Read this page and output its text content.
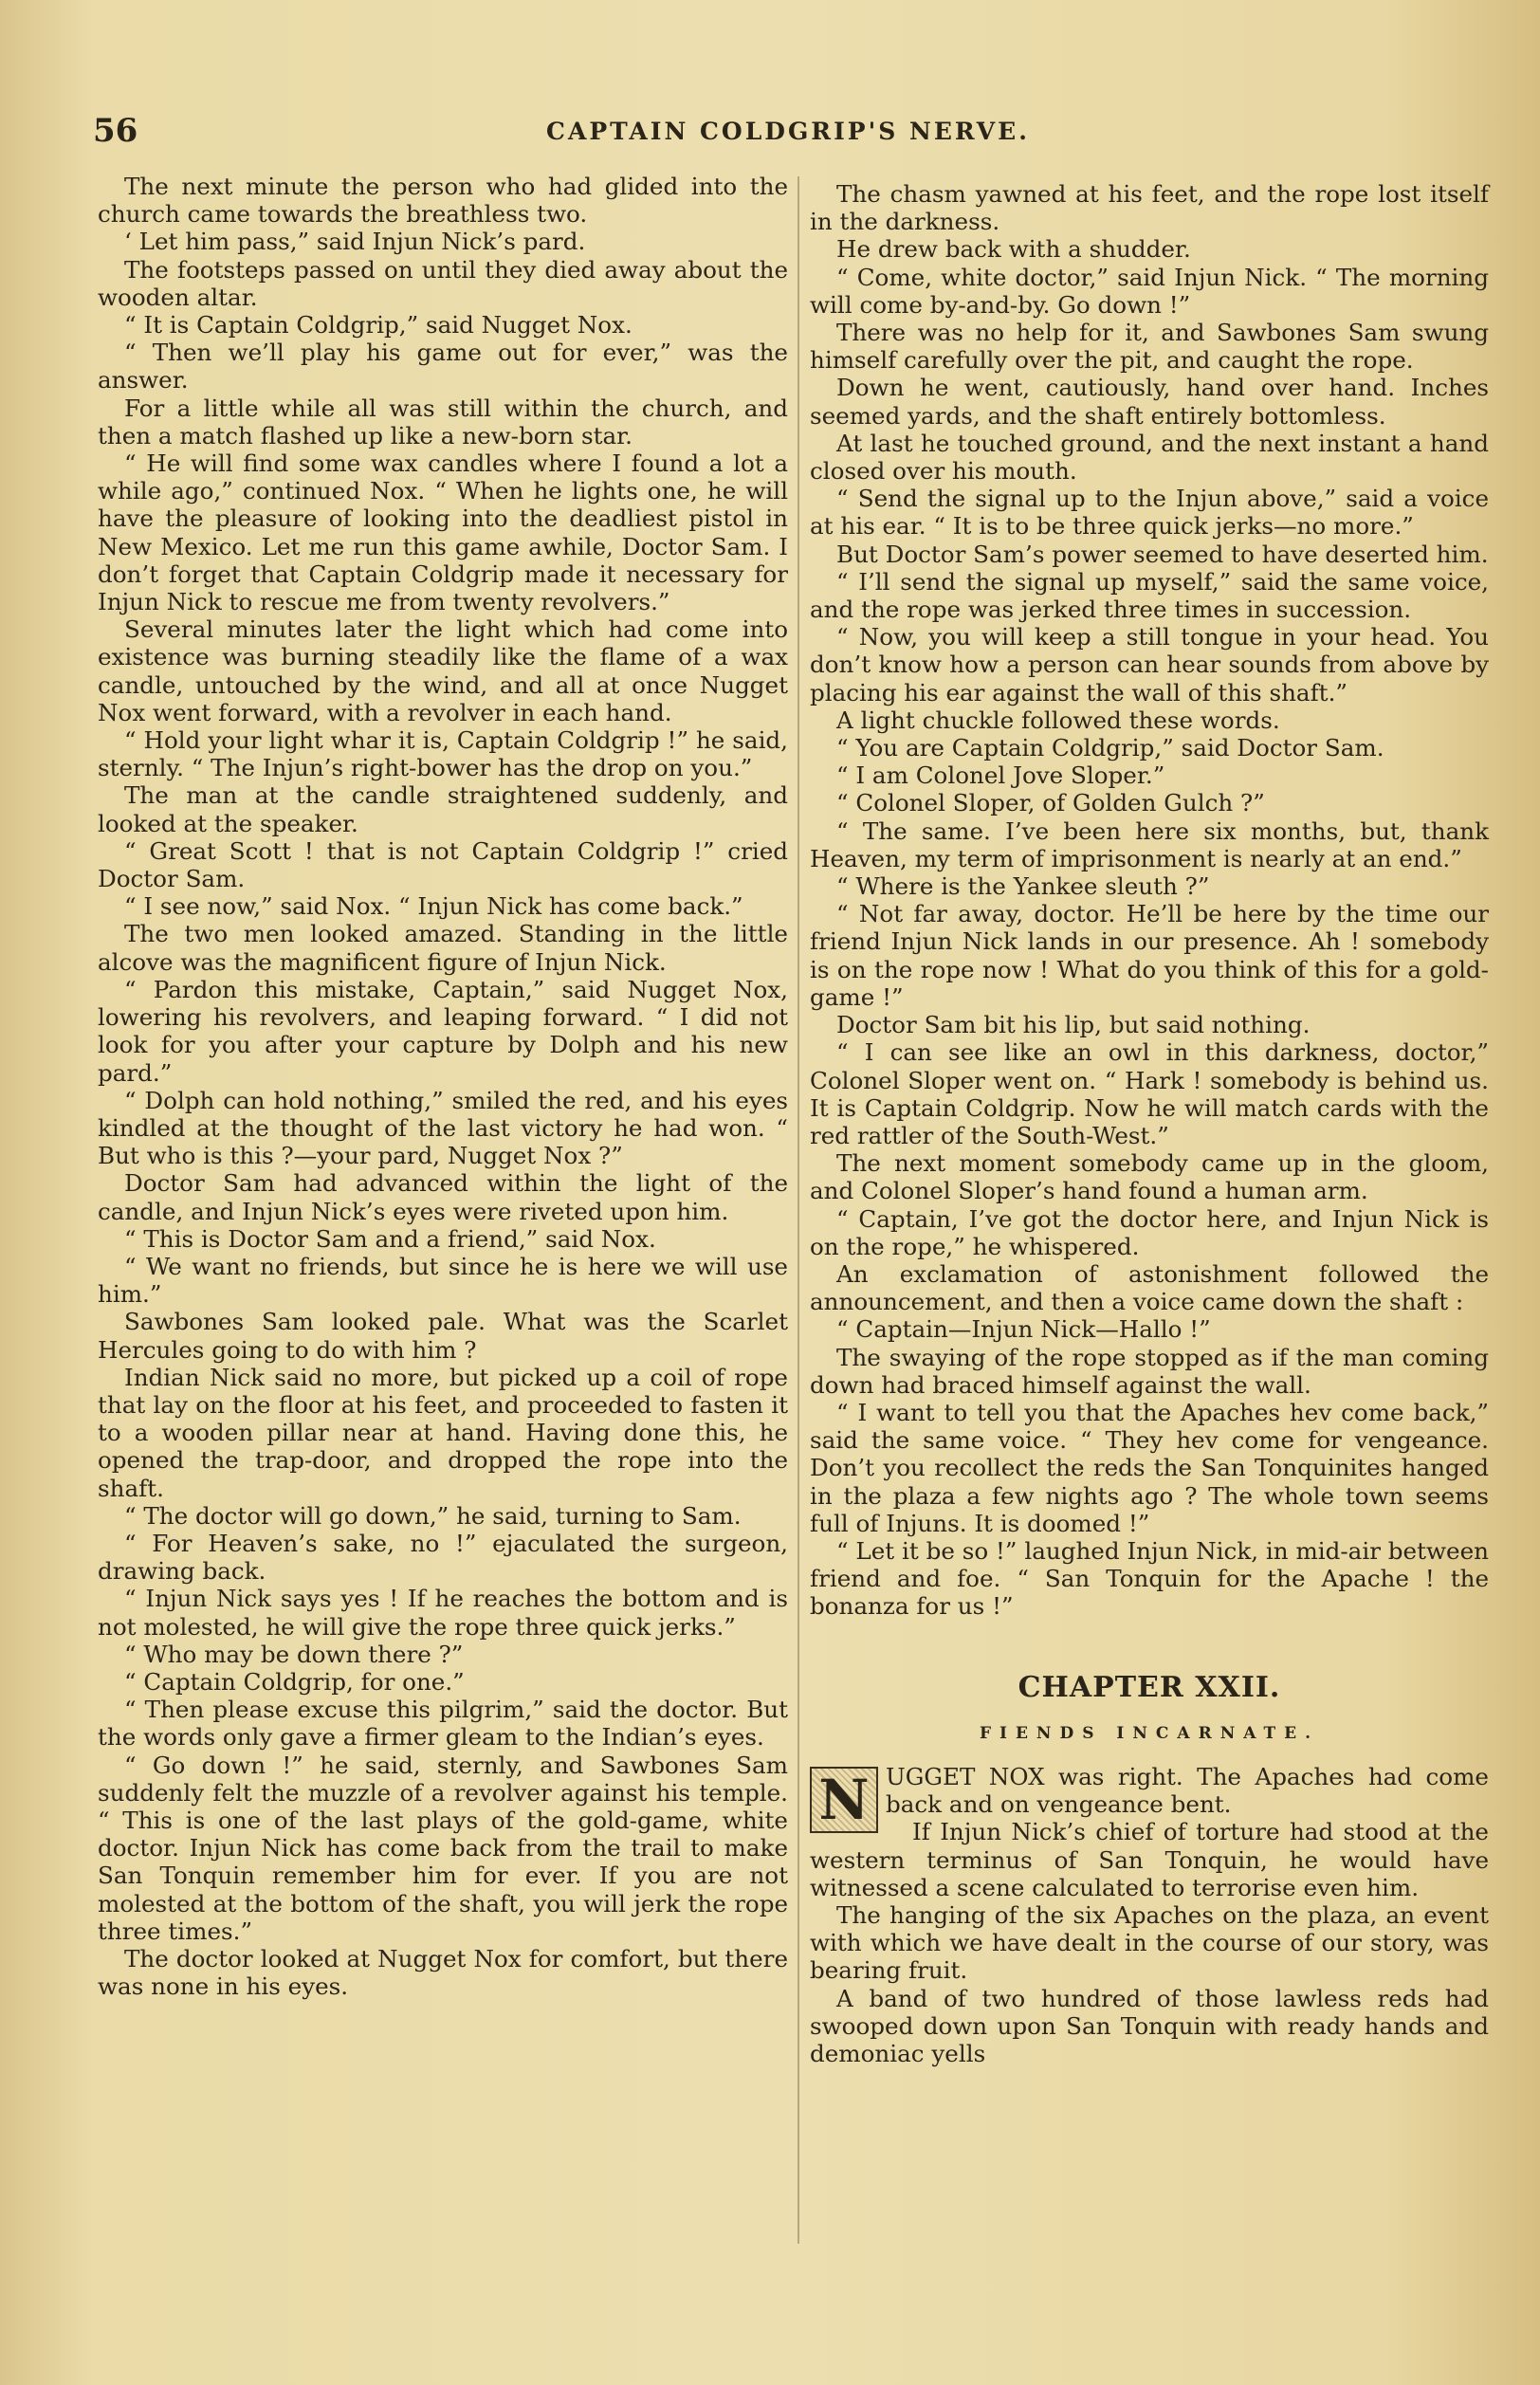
56	CAPTAIN COLDGRIP'S NERVE.

The next minute the person who had glided into the church came towards the breathless two.

‘ Let him pass,” said Injun Nick’s pard.

The footsteps passed on until they died away about the wooden altar.

“ It is Captain Coldgrip,” said Nugget Nox.

“ Then we’ll play his game out for ever,” was the answer.

For a little while all was still within the church, and then a match flashed up like a new-born star.

“ He will find some wax candles where I found a lot a while ago,” continued Nox. “ When he lights one, he will have the pleasure of looking into the deadliest pistol in New Mexico. Let me run this game awhile, Doctor Sam. I don’t forget that Captain Coldgrip made it necessary for Injun Nick to rescue me from twenty revolvers.”

Several minutes later the light which had come into existence was burning steadily like the flame of a wax candle, untouched by the wind, and all at once Nugget Nox went forward, with a revolver in each hand.

“ Hold your light whar it is, Captain Coldgrip !” he said, sternly. “ The Injun’s right-bower has the drop on you.”

The man at the candle straightened suddenly, and looked at the speaker.

“ Great Scott ! that is not Captain Coldgrip !” cried Doctor Sam.

“ I see now,” said Nox. “ Injun Nick has come back.”

The two men looked amazed. Standing in the little alcove was the magnificent figure of Injun Nick.

“ Pardon this mistake, Captain,” said Nugget Nox, lowering his revolvers, and leaping forward. “ I did not look for you after your capture by Dolph and his new pard.”

“ Dolph can hold nothing,” smiled the red, and his eyes kindled at the thought of the last victory he had won. “ But who is this ?—your pard, Nugget Nox ?”

Doctor Sam had advanced within the light of the candle, and Injun Nick’s eyes were riveted upon him.

“ This is Doctor Sam and a friend,” said Nox.

“ We want no friends, but since he is here we will use him.”

Sawbones Sam looked pale. What was the Scarlet Hercules going to do with him ?

Indian Nick said no more, but picked up a coil of rope that lay on the floor at his feet, and proceeded to fasten it to a wooden pillar near at hand. Having done this, he opened the trap-door, and dropped the rope into the shaft.

“ The doctor will go down,” he said, turning to Sam.

“ For Heaven’s sake, no !” ejaculated the surgeon, drawing back.

“ Injun Nick says yes ! If he reaches the bottom and is not molested, he will give the rope three quick jerks.”

“ Who may be down there ?”

“ Captain Coldgrip, for one.”

“ Then please excuse this pilgrim,” said the doctor. But the words only gave a firmer gleam to the Indian’s eyes.

“ Go down !” he said, sternly, and Sawbones Sam suddenly felt the muzzle of a revolver against his temple. “ This is one of the last plays of the gold-game, white doctor. Injun Nick has come back from the trail to make San Tonquin remember him for ever. If you are not molested at the bottom of the shaft, you will jerk the rope three times.”

The doctor looked at Nugget Nox for comfort, but there was none in his eyes.

The chasm yawned at his feet, and the rope lost itself in the darkness.

He drew back with a shudder.

“ Come, white doctor,” said Injun Nick. “ The morning will come by-and-by. Go down !”

There was no help for it, and Sawbones Sam swung himself carefully over the pit, and caught the rope.

Down he went, cautiously, hand over hand. Inches seemed yards, and the shaft entirely bottomless.

At last he touched ground, and the next instant a hand closed over his mouth.

“ Send the signal up to the Injun above,” said a voice at his ear. “ It is to be three quick jerks—no more.”

But Doctor Sam’s power seemed to have deserted him.

“ I’ll send the signal up myself,” said the same voice, and the rope was jerked three times in succession.

“ Now, you will keep a still tongue in your head. You don’t know how a person can hear sounds from above by placing his ear against the wall of this shaft.”

A light chuckle followed these words.

“ You are Captain Coldgrip,” said Doctor Sam.

“ I am Colonel Jove Sloper.”

“ Colonel Sloper, of Golden Gulch ?”

“ The same. I’ve been here six months, but, thank Heaven, my term of imprisonment is nearly at an end.”

“ Where is the Yankee sleuth ?”

“ Not far away, doctor. He’ll be here by the time our friend Injun Nick lands in our presence. Ah ! somebody is on the rope now ! What do you think of this for a gold-game !”

Doctor Sam bit his lip, but said nothing.

“ I can see like an owl in this darkness, doctor,” Colonel Sloper went on. “ Hark ! somebody is behind us. It is Captain Coldgrip. Now he will match cards with the red rattler of the South-West.”

The next moment somebody came up in the gloom, and Colonel Sloper’s hand found a human arm.

“ Captain, I’ve got the doctor here, and Injun Nick is on the rope,” he whispered.

An exclamation of astonishment followed the announcement, and then a voice came down the shaft :

“ Captain—Injun Nick—Hallo !”

The swaying of the rope stopped as if the man coming down had braced himself against the wall.

“ I want to tell you that the Apaches hev come back,” said the same voice. “ They hev come for vengeance. Don’t you recollect the reds the San Tonquinites hanged in the plaza a few nights ago ? The whole town seems full of Injuns. It is doomed !”

“ Let it be so !” laughed Injun Nick, in mid-air between friend and foe. “ San Tonquin for the Apache ! the bonanza for us !”

CHAPTER XXII.
FIENDS INCARNATE.

N UGGET NOX was right. The Apaches had come back and on vengeance bent.

If Injun Nick’s chief of torture had stood at the western terminus of San Tonquin, he would have witnessed a scene calculated to terrorise even him.

The hanging of the six Apaches on the plaza, an event with which we have dealt in the course of our story, was bearing fruit.

A band of two hundred of those lawless reds had swooped down upon San Tonquin with ready hands and demoniac yells
